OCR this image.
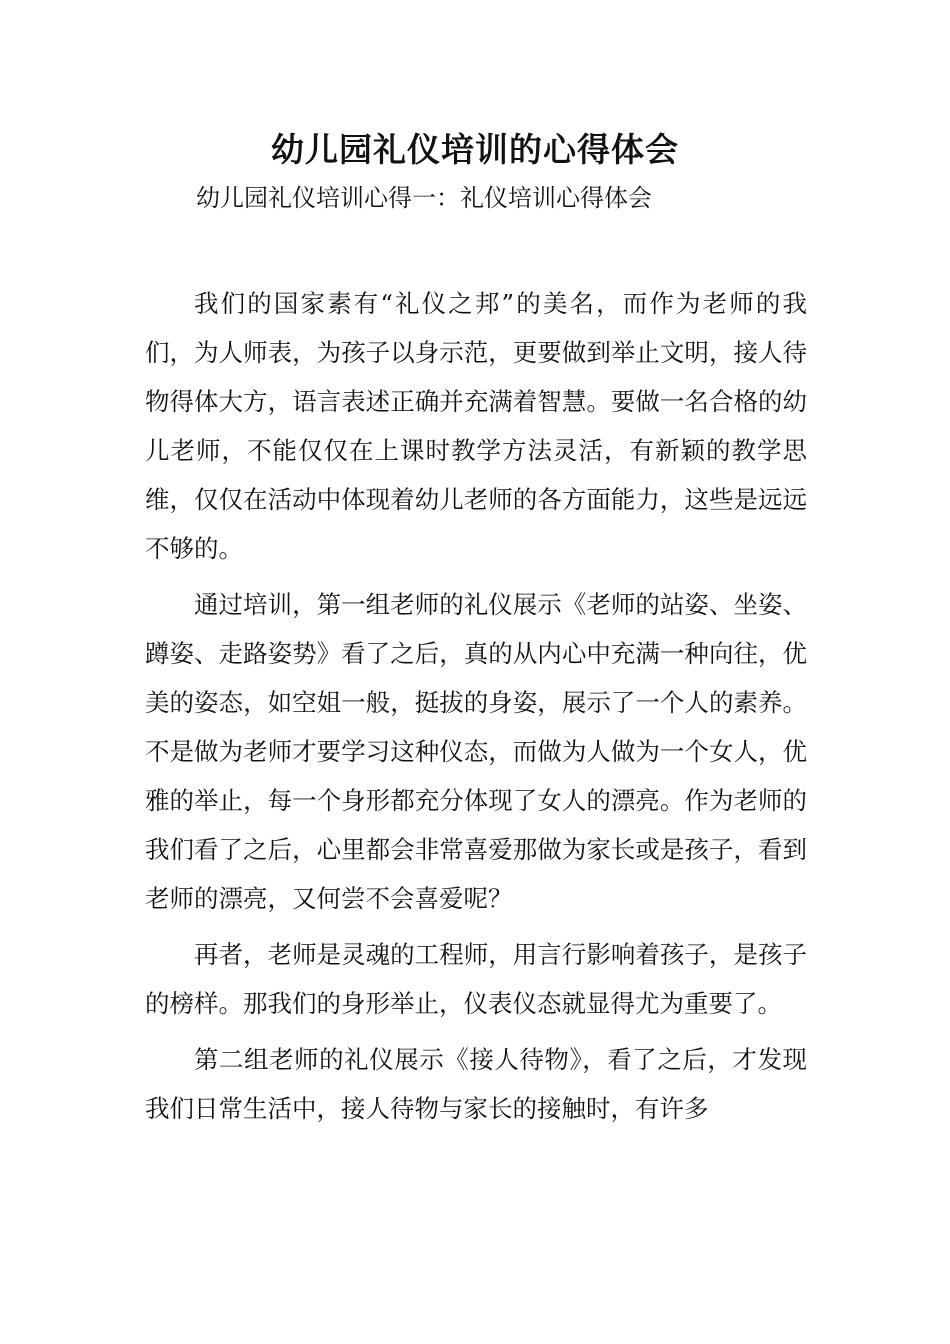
幼儿园礼仪培训的心得体会

幼儿园礼仪培训心得一：礼仪培训心得体会

我们的国家素有“礼仪之邦”的美名，而作为老师的我们，为人师表，为孩子以身示范，更要做到举止文明，接人待物得体大方，语言表述正确并充满着智慧。要做一名合格的幼儿老师，不能仅仅在上课时教学方法灵活，有新颖的教学思维，仅仅在活动中体现着幼儿老师的各方面能力，这些是远远不够的。

通过培训，第一组老师的礼仪展示《老师的站姿、坐姿、蹲姿、走路姿势》看了之后，真的从内心中充满一种向往，优美的姿态，如空姐一般，挺拔的身姿，展示了一个人的素养。不是做为老师才要学习这种仪态，而做为人做为一个女人，优雅的举止，每一个身形都充分体现了女人的漂亮。作为老师的我们看了之后，心里都会非常喜爱那做为家长或是孩子，看到老师的漂亮，又何尝不会喜爱呢？

再者，老师是灵魂的工程师，用言行影响着孩子，是孩子的榜样。那我们的身形举止，仪表仪态就显得尤为重要了。

第二组老师的礼仪展示《接人待物》，看了之后，才发现我们日常生活中，接人待物与家长的接触时，有许多
